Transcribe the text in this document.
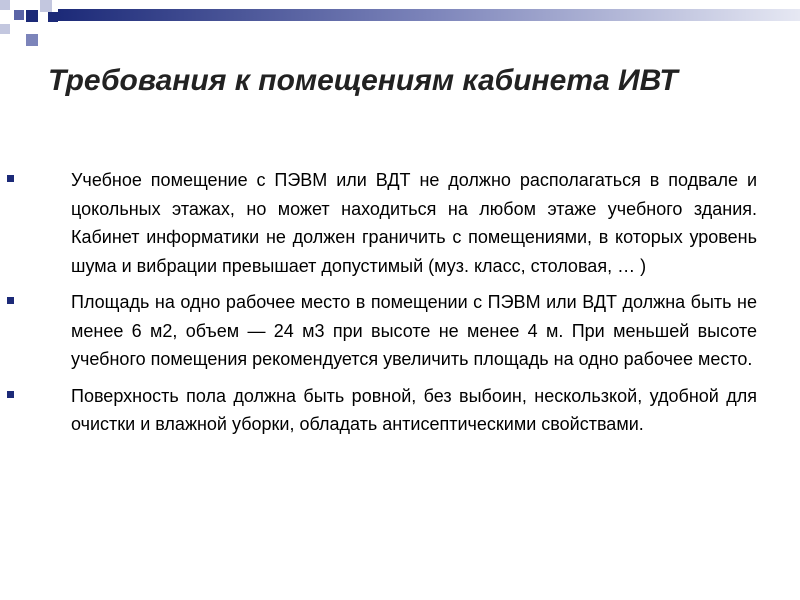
Требования к помещениям кабинета ИВТ
Учебное помещение с ПЭВМ или ВДТ не должно располагаться в подвале и цокольных этажах, но может находиться на любом этаже учебного здания. Кабинет информатики не должен граничить с помещениями, в которых уровень шума и вибрации превышает допустимый (муз. класс, столовая, … )
Площадь на одно рабочее место в помещении с ПЭВМ или ВДТ должна быть не менее 6 м2, объем — 24 м3 при высоте не менее 4 м. При меньшей высоте учебного помещения рекомендуется увеличить площадь на одно рабочее место.
Поверхность пола должна быть ровной, без выбоин, нескользкой, удобной для очистки и влажной уборки, обладать антисептическими свойствами.
